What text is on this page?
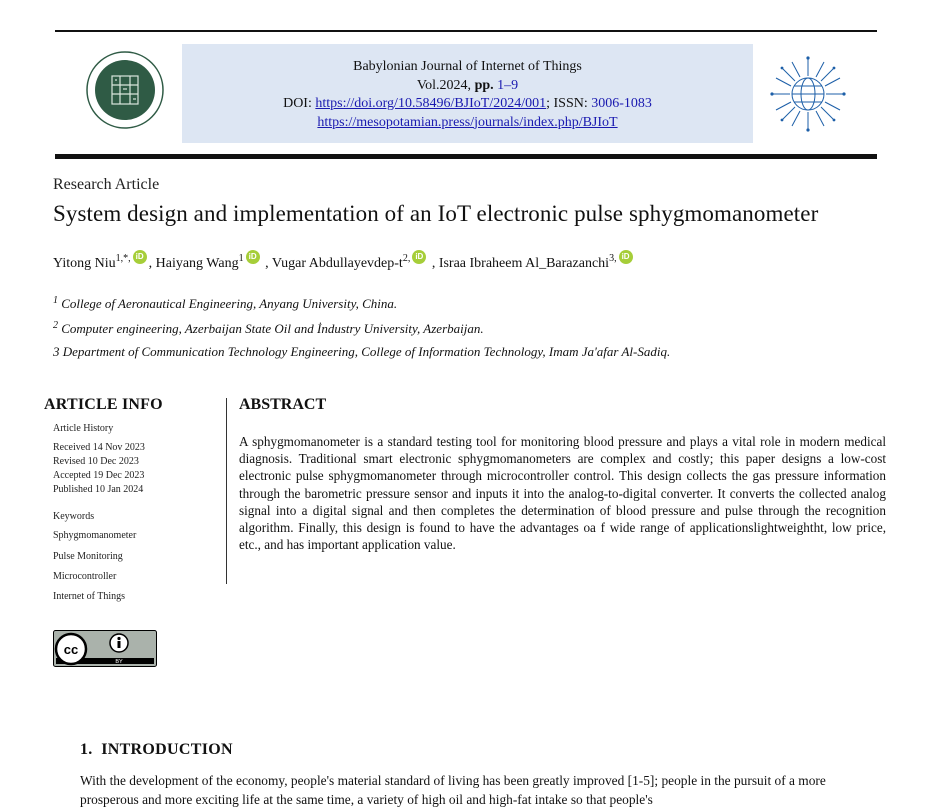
Babylonian Journal of Internet of Things
Vol.2024, pp. 1–9
DOI: https://doi.org/10.58496/BJIoT/2024/001; ISSN: 3006-1083
https://mesopotamian.press/journals/index.php/BJIoT
Research Article
System design and implementation of an IoT electronic pulse sphygmomanometer
Yitong Niu$^{1,*,}$ iD , Haiyang Wang$^1$ iD , Vugar Abdullayevdep-$t^{2,}$ iD , Israa Ibraheem Al_Barazanchi$^{3,}$ iD
$^1$ College of Aeronautical Engineering, Anyang University, China.
$^2$ Computer engineering, Azerbaijan State Oil and İndustry University, Azerbaijan.
3 Department of Communication Technology Engineering, College of Information Technology, Imam Ja'afar Al-Sadiq.
ARTICLE INFO
Article History
Received 14 Nov 2023
Revised 10 Dec 2023
Accepted 19 Dec 2023
Published 10 Jan 2024
Keywords
Sphygmomanometer
Pulse Monitoring
Microcontroller
Internet of Things
cc
BY
ABSTRACT
A sphygmomanometer is a standard testing tool for monitoring blood pressure and plays a vital role in modern medical diagnosis. Traditional smart electronic sphygmomanometers are complex and costly; this paper designs a low-cost electronic pulse sphygmomanometer through microcontroller control. This design collects the gas pressure information through the barometric pressure sensor and inputs it into the analog-to-digital converter. It converts the collected analog signal into a digital signal and then completes the determination of blood pressure and pulse through the recognition algorithm. Finally, this design is found to have the advantages oa f wide range of applicationslightweightht, low price, etc., and has important application value.
1.  INTRODUCTION
With the development of the economy, people's material standard of living has been greatly improved [1-5]; people in the pursuit of a more prosperous and more exciting life at the same time, a variety of high oil and high-fat intake so that people's
